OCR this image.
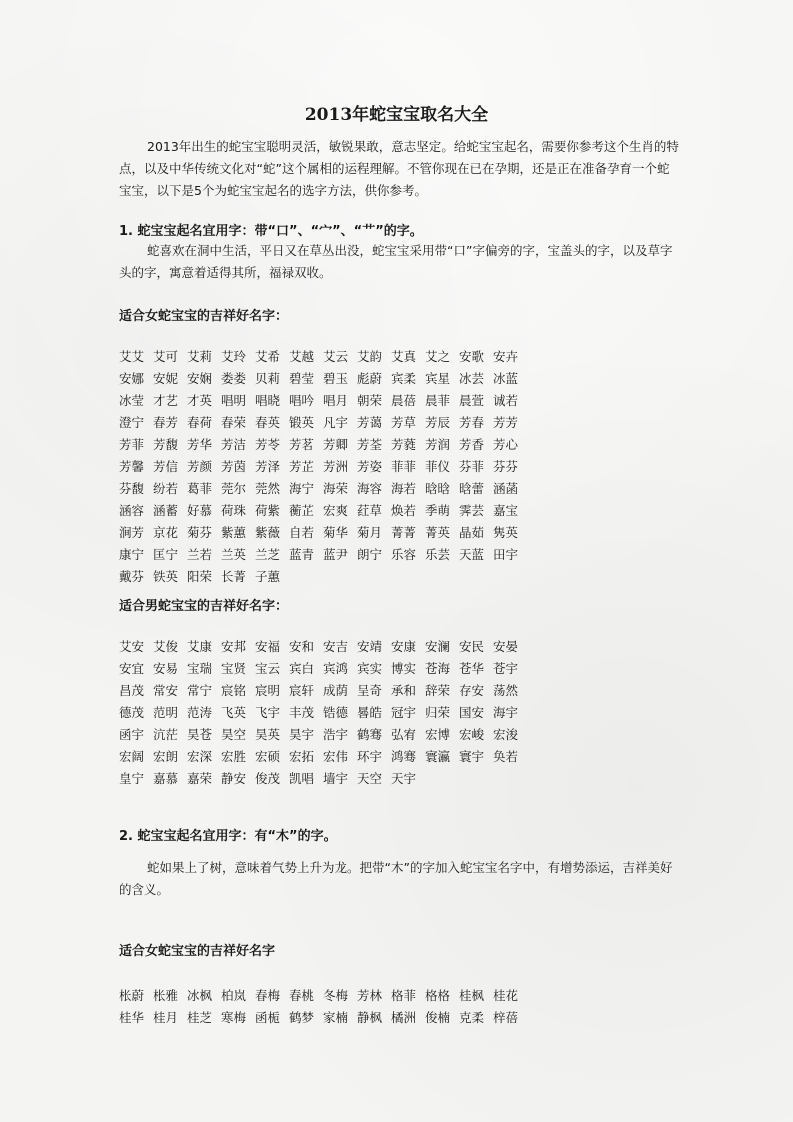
2013年蛇宝宝取名大全

2013年出生的蛇宝宝聪明灵活，敏锐果敢，意志坚定。给蛇宝宝起名，需要你参考这个生肖的特点，以及中华传统文化对“蛇”这个属相的运程理解。不管你现在已在孕期，还是正在准备孕育一个蛇宝宝，以下是5个为蛇宝宝起名的选字方法，供你参考。

1. 蛇宝宝起名宜用字：带“口”、“宀”、“艹”的字。

蛇喜欢在洞中生活，平日又在草丛出没，蛇宝宝采用带“口”字偏旁的字，宝盖头的字，以及草字头的字，寓意着适得其所，福禄双收。

适合女蛇宝宝的吉祥好名字：
艾艾 艾可 艾莉 艾玲 艾希 艾越 艾云 艾韵 艾真 艾之 安歌 安卉
安娜 安妮 安娴 娄娄 贝莉 碧莹 碧玉 彪蔚 宾柔 宾星 冰芸 冰蓝
冰莹 才艺 才英 唱明 唱晓 唱吟 唱月 朝荣 晨蓓 晨菲 晨萱 诚若
澄宁 春芳 春荷 春荣 春英 锻英 凡宇 芳蔼 芳草 芳辰 芳春 芳芳
芳菲 芳馥 芳华 芳洁 芳苓 芳茗 芳卿 芳荃 芳蕤 芳润 芳香 芳心
芳馨 芳信 芳颜 芳茵 芳泽 芳芷 芳洲 芳姿 菲菲 菲仪 芬菲 芬芬
芬馥 纷若 葛菲 莞尔 莞然 海宁 海荣 海容 海若 晗晗 晗蕾 涵菡
涵容 涵蓄 好慕 荷珠 荷紫 蘅芷 宏爽 荭草 焕若 季萌 霁芸 嘉宝
涧芳 京花 菊芬 紫蕙 紫薇 自若 菊华 菊月 菁菁 菁英 晶茹 隽英
康宁 匡宁 兰若 兰英 兰芝 蓝青 蓝尹 朗宁 乐容 乐芸 天蓝 田宇
戴芬 铁英 阳荣 长菁 子蕙
适合男蛇宝宝的吉祥好名字：
艾安 艾俊 艾康 安邦 安福 安和 安吉 安靖 安康 安澜 安民 安晏
安宜 安易 宝瑞 宝贤 宝云 宾白 宾鸿 宾实 博实 苍海 苍华 苍宇
昌茂 常安 常宁 宸铭 宸明 宸轩 成荫 呈奇 承和 辞荣 存安 荡然
德茂 范明 范涛 飞英 飞宇 丰茂 锆德 晷皓 冠宇 归荣 国安 海宇
函宇 沆茫 昊苍 昊空 昊英 昊宇 浩宇 鹤骞 弘宥 宏博 宏峻 宏浚
宏阔 宏朗 宏深 宏胜 宏硕 宏拓 宏伟 环宇 鸿骞 寰瀛 寰宇 奂若
皇宁 嘉慕 嘉荣 静安 俊茂 凯唱 墙宇 天空 天宇
2. 蛇宝宝起名宜用字：有“木”的字。

蛇如果上了树，意味着气势上升为龙。把带“木”的字加入蛇宝宝名字中，有增势添运，吉祥美好的含义。

适合女蛇宝宝的吉祥好名字
枨蔚 枨雅 冰枫 柏岚 春梅 春桃 冬梅 芳林 格菲 格格 桂枫 桂花
桂华 桂月 桂芝 寒梅 函栀 鹤梦 家楠 静枫 橘洲 俊楠 克柔 梓蓓
